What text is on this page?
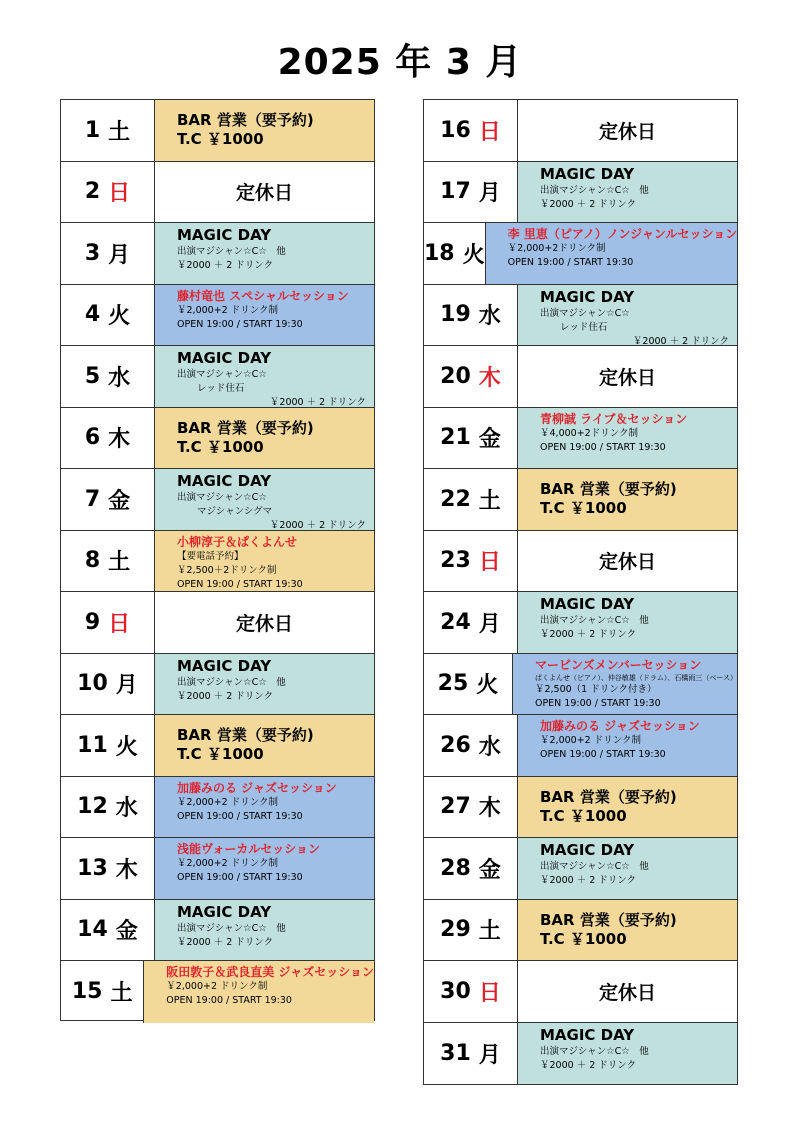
2025 年 3 月
1 土	BAR 営業（要予約)
T.C ￥1000
2 日	定休日
3 月
MAGIC DAY
出演マジシャン☆C☆　他
￥2000 ＋ 2 ドリンク
4 火
藤村竜也 スペシャルセッション
￥2,000+2 ドリンク制
OPEN 19:00 / START 19:30
5 水
MAGIC DAY
出演マジシャン☆C☆
レッド住石
￥2000 ＋ 2 ドリンク
6 木	BAR 営業（要予約)
T.C ￥1000
7 金
MAGIC DAY
出演マジシャン☆C☆
マジシャンシグマ
￥2000 ＋ 2 ドリンク
8 土
小柳淳子＆ぱくよんせ
【要電話予約】
￥2,500＋2ドリンク制
OPEN 19:00 / START 19:30
9 日	定休日
10 月
MAGIC DAY
出演マジシャン☆C☆　他
￥2000 ＋ 2 ドリンク
11 火	BAR 営業（要予約)
T.C ￥1000
12 水
加藤みのる ジャズセッション
￥2,000+2 ドリンク制
OPEN 19:00 / START 19:30
13 木
浅能ヴォーカルセッション
￥2,000+2 ドリンク制
OPEN 19:00 / START 19:30
14 金
MAGIC DAY
出演マジシャン☆C☆　他
￥2000 ＋ 2 ドリンク
15 土
阪田敦子＆武良直美 ジャズセッション
￥2,000+2 ドリンク制
OPEN 19:00 / START 19:30
16 日	定休日
17 月
MAGIC DAY
出演マジシャン☆C☆　他
￥2000 ＋ 2 ドリンク
18 火
李 里恵（ピアノ）ノンジャンルセッション
￥2,000+2ドリンク制
OPEN 19:00 / START 19:30
19 水
MAGIC DAY
出演マジシャン☆C☆
レッド住石
￥2000 ＋ 2 ドリンク
20 木	定休日
21 金
青柳誠 ライブ＆セッション
￥4,000+2ドリンク制
OPEN 19:00 / START 19:30
22 土	BAR 営業（要予約)
T.C ￥1000
23 日	定休日
24 月
MAGIC DAY
出演マジシャン☆C☆　他
￥2000 ＋ 2 ドリンク
25 火
マービンズメンバーセッション
ぱくよんせ（ピアノ）、仲谷敏雄（ドラム）、石橋雨三（ベース）
￥2,500（1 ドリンク付き）
OPEN 19:00 / START 19:30
26 水
加藤みのる ジャズセッション
￥2,000+2 ドリンク制
OPEN 19:00 / START 19:30
27 木	BAR 営業（要予約)
T.C ￥1000
28 金
MAGIC DAY
出演マジシャン☆C☆　他
￥2000 ＋ 2 ドリンク
29 土	BAR 営業（要予約)
T.C ￥1000
30 日	定休日
31 月
MAGIC DAY
出演マジシャン☆C☆　他
￥2000 ＋ 2 ドリンク
